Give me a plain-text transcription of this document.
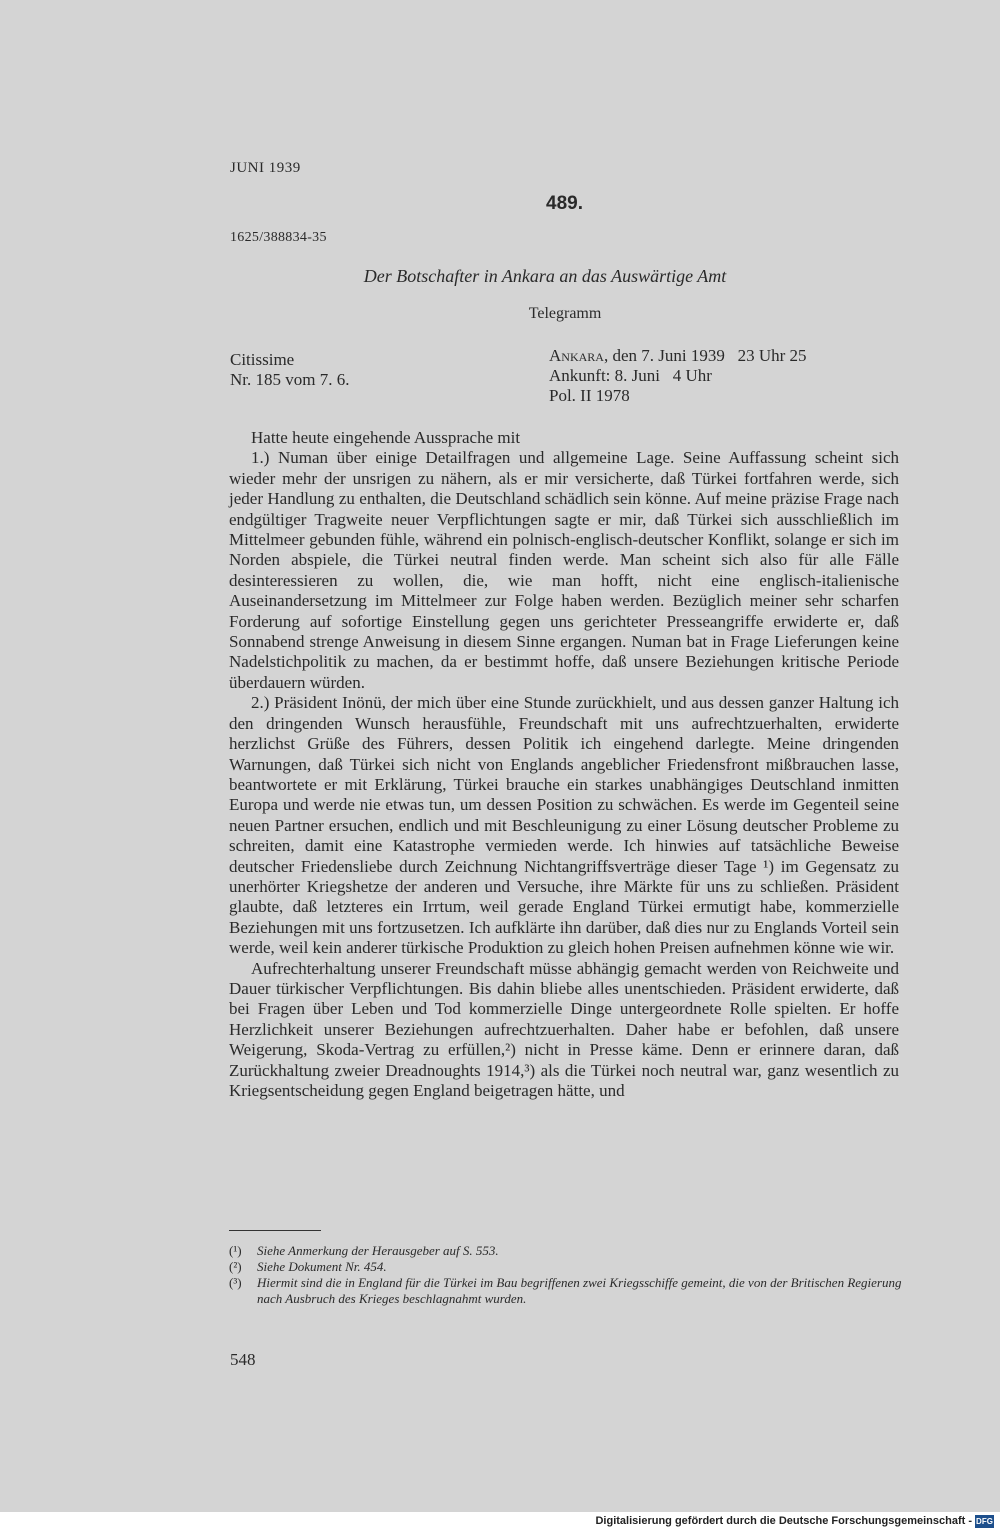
JUNI 1939
489.
1625/388834-35
Der Botschafter in Ankara an das Auswärtige Amt
Telegramm
Citissime
Nr. 185 vom 7. 6.
Ankara, den 7. Juni 1939   23 Uhr 25
Ankunft: 8. Juni   4 Uhr
Pol. II 1978

Hatte heute eingehende Aussprache mit

1.) Numan über einige Detailfragen und allgemeine Lage. Seine Auffassung scheint sich wieder mehr der unsrigen zu nähern, als er mir versicherte, daß Türkei fortfahren werde, sich jeder Handlung zu enthalten, die Deutschland schädlich sein könne. Auf meine präzise Frage nach endgültiger Tragweite neuer Verpflichtungen sagte er mir, daß Türkei sich ausschließlich im Mittelmeer gebunden fühle, während ein polnisch-englisch-deutscher Konflikt, solange er sich im Norden abspiele, die Türkei neutral finden werde. Man scheint sich also für alle Fälle desinteressieren zu wollen, die, wie man hofft, nicht eine englisch-italienische Auseinandersetzung im Mittelmeer zur Folge haben werden. Bezüglich meiner sehr scharfen Forderung auf sofortige Einstellung gegen uns gerichteter Presseangriffe erwiderte er, daß Sonnabend strenge Anweisung in diesem Sinne ergangen. Numan bat in Frage Lieferungen keine Nadelstichpolitik zu machen, da er bestimmt hoffe, daß unsere Beziehungen kritische Periode überdauern würden.

2.) Präsident Inönü, der mich über eine Stunde zurückhielt, und aus dessen ganzer Haltung ich den dringenden Wunsch herausfühle, Freundschaft mit uns aufrechtzuerhalten, erwiderte herzlichst Grüße des Führers, dessen Politik ich eingehend darlegte. Meine dringenden Warnungen, daß Türkei sich nicht von Englands angeblicher Friedensfront mißbrauchen lasse, beantwortete er mit Erklärung, Türkei brauche ein starkes unabhängiges Deutschland inmitten Europa und werde nie etwas tun, um dessen Position zu schwächen. Es werde im Gegenteil seine neuen Partner ersuchen, endlich und mit Beschleunigung zu einer Lösung deutscher Probleme zu schreiten, damit eine Katastrophe vermieden werde. Ich hinwies auf tatsächliche Beweise deutscher Friedensliebe durch Zeichnung Nichtangriffsverträge dieser Tage ¹) im Gegensatz zu unerhörter Kriegshetze der anderen und Versuche, ihre Märkte für uns zu schließen. Präsident glaubte, daß letzteres ein Irrtum, weil gerade England Türkei ermutigt habe, kommerzielle Beziehungen mit uns fortzusetzen. Ich aufklärte ihn darüber, daß dies nur zu Englands Vorteil sein werde, weil kein anderer türkische Produktion zu gleich hohen Preisen aufnehmen könne wie wir.

Aufrechterhaltung unserer Freundschaft müsse abhängig gemacht werden von Reichweite und Dauer türkischer Verpflichtungen. Bis dahin bliebe alles unentschieden. Präsident erwiderte, daß bei Fragen über Leben und Tod kommerzielle Dinge untergeordnete Rolle spielten. Er hoffe Herzlichkeit unserer Beziehungen aufrechtzuerhalten. Daher habe er befohlen, daß unsere Weigerung, Skoda-Vertrag zu erfüllen,²) nicht in Presse käme. Denn er erinnere daran, daß Zurückhaltung zweier Dreadnoughts 1914,³) als die Türkei noch neutral war, ganz wesentlich zu Kriegsentscheidung gegen England beigetragen hätte, und

(¹)	Siehe Anmerkung der Herausgeber auf S. 553.
(²)	Siehe Dokument Nr. 454.
(³)	Hiermit sind die in England für die Türkei im Bau begriffenen zwei Kriegsschiffe gemeint, die von der Britischen Regierung nach Ausbruch des Krieges beschlagnahmt wurden.
548
Digitalisierung gefördert durch die Deutsche Forschungsgemeinschaft - DFG
